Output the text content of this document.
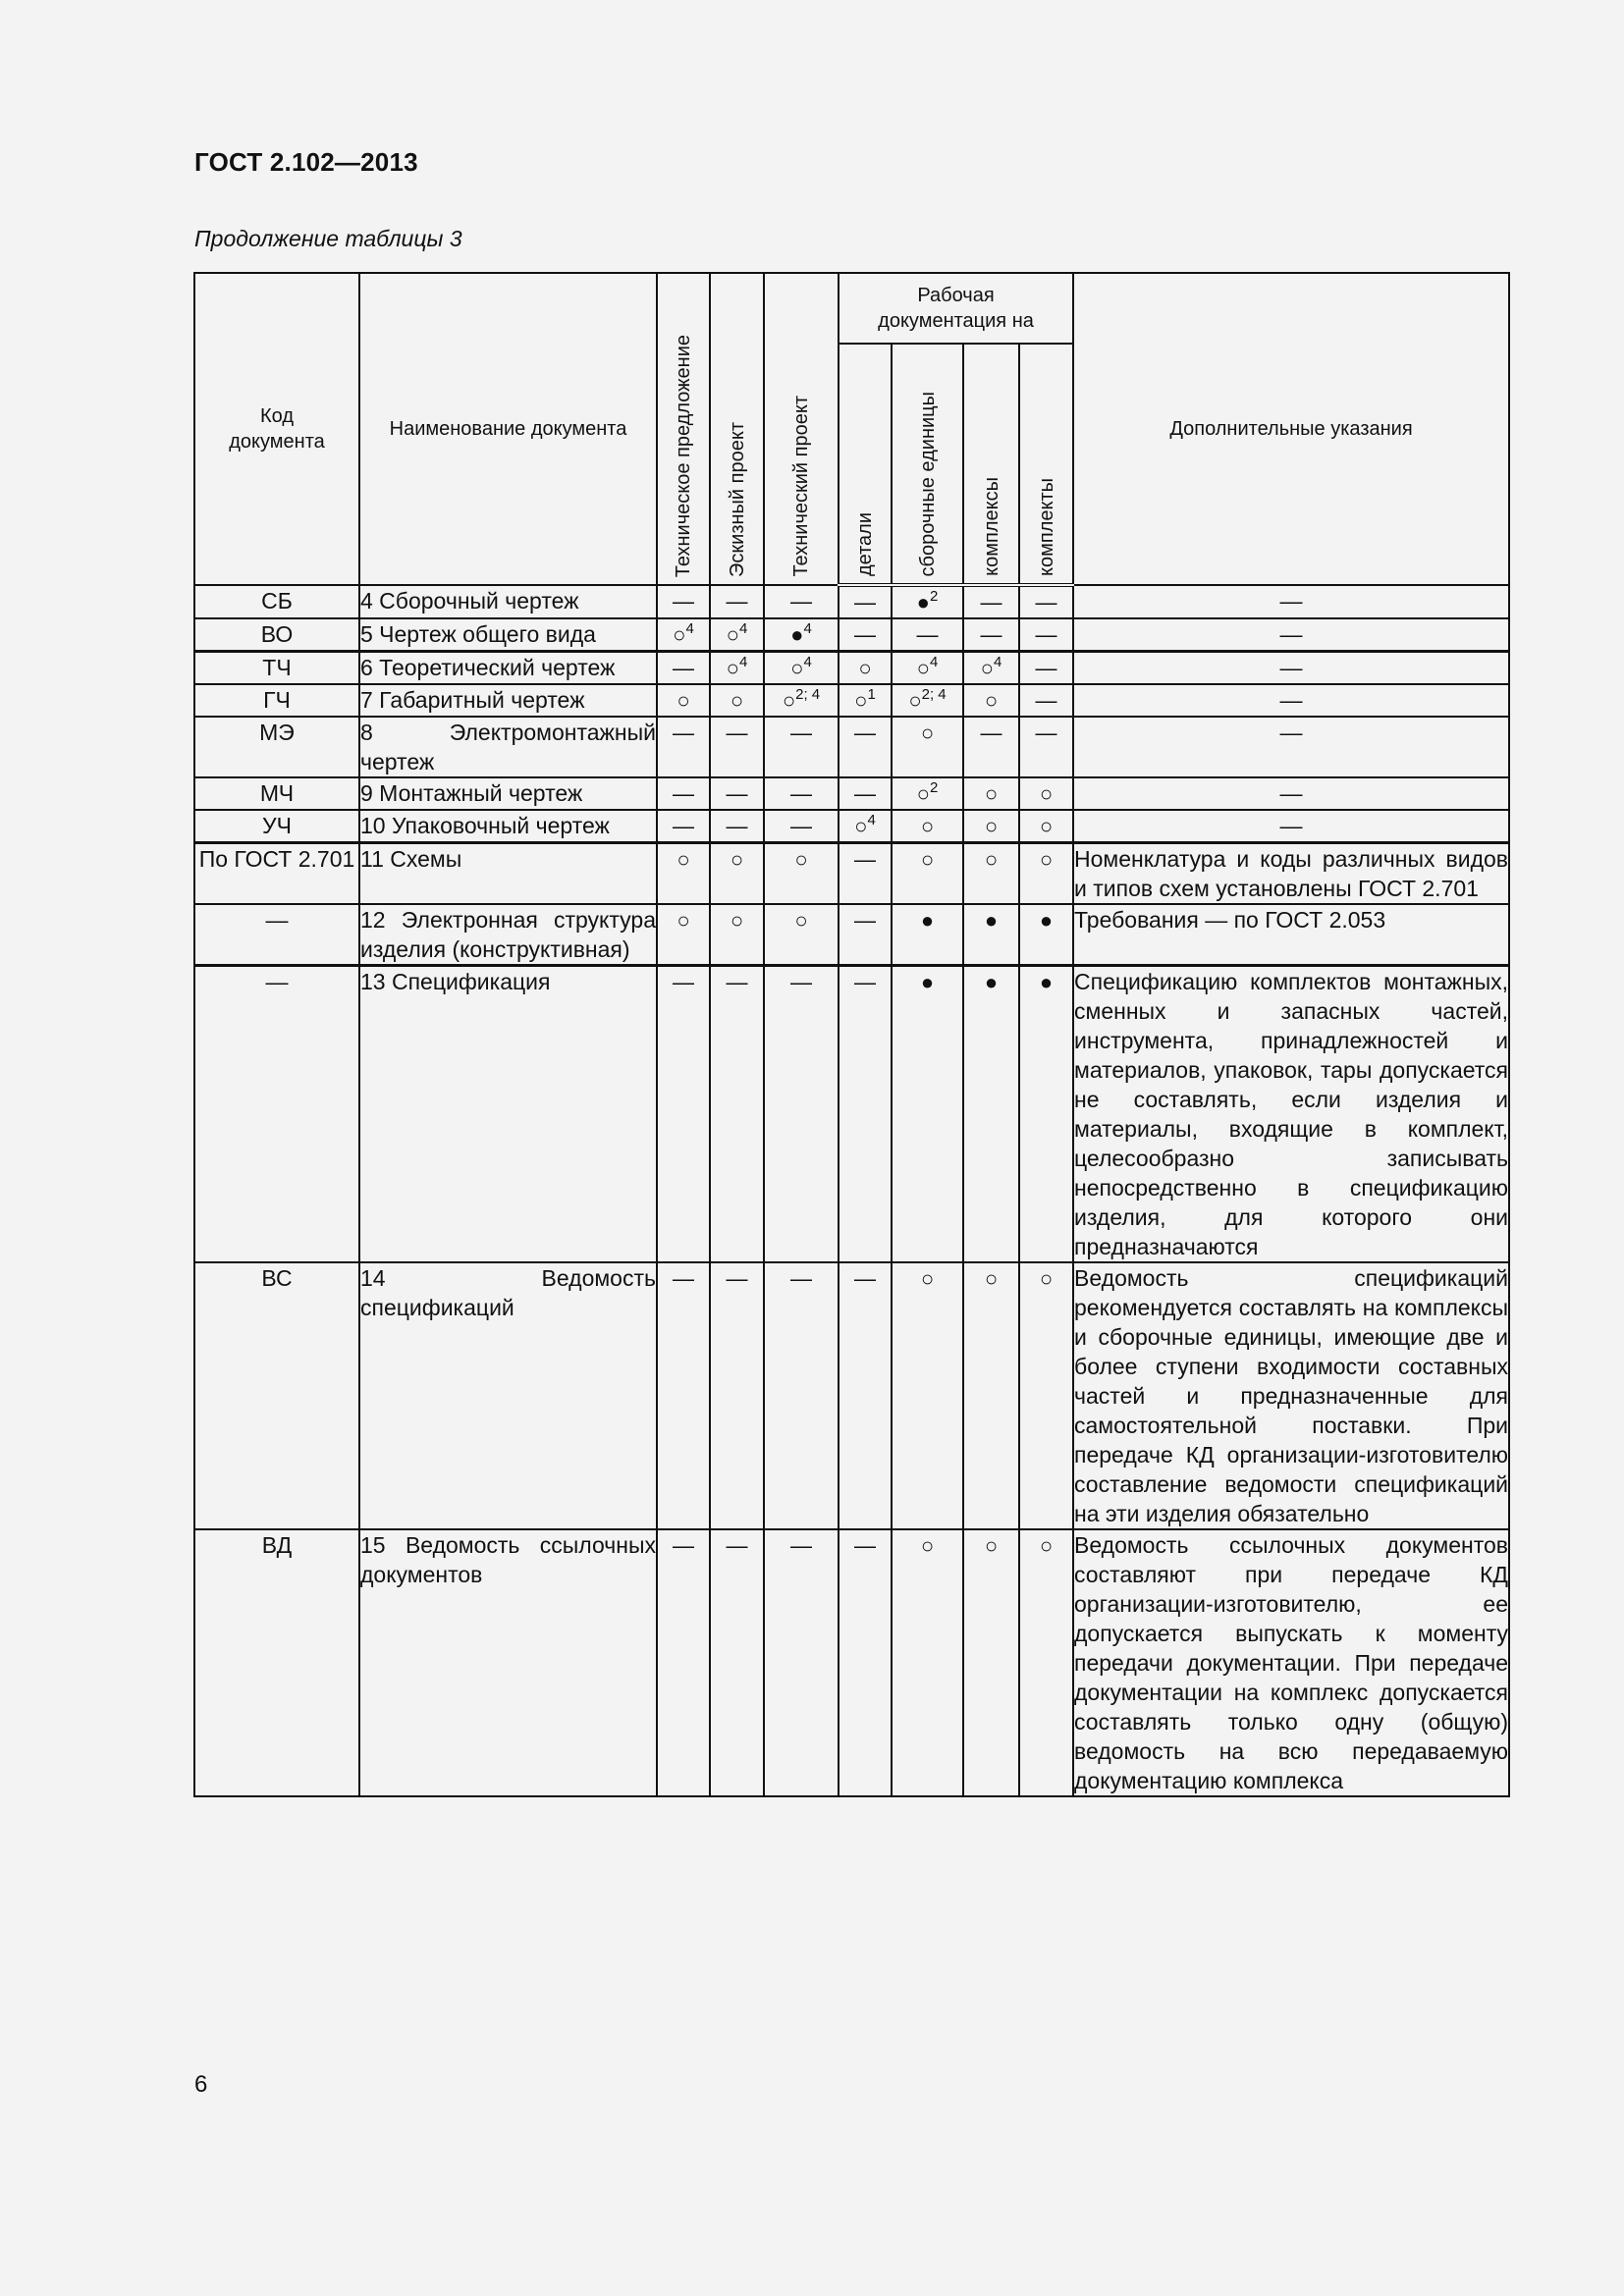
ГОСТ 2.102—2013
Продолжение таблицы 3
Код документа	Наименование документа	Техническое предложение	Эскизный проект	Технический проект	Рабочая документация на				Дополнительные указания
					детали	сборочные единицы	комплексы	комплекты	
СБ	4 Сборочный чертеж	—	—	—	—	●$^2$	—	—	—
ВО	5 Чертеж общего вида	○$^4$	○$^4$	●$^4$	—	—	—	—	—
ТЧ	6 Теоретический чертеж	—	○$^4$	○$^4$	○	○$^4$	○$^4$	—	—
ГЧ	7 Габаритный чертеж	○	○	○$^{2; 4}$	○$^1$	○$^{2; 4}$	○	—	—
МЭ	8 Электромонтажный чертеж	—	—	—	—	○	—	—	—
МЧ	9 Монтажный чертеж	—	—	—	—	○$^2$	○	○	—
УЧ	10 Упаковочный чертеж	—	—	—	○$^4$	○	○	○	—
По ГОСТ 2.701	11 Схемы	○	○	○	—	○	○	○	Номенклатура и коды различных видов и типов схем установлены ГОСТ 2.701
—	12 Электронная структура изделия (конструктивная)	○	○	○	—	●	●	●	Требования — по ГОСТ 2.053
—	13 Спецификация	—	—	—	—	●	●	●	Спецификацию комплектов монтажных, сменных и запасных частей, инструмента, принадлежностей и материалов, упаковок, тары допускается не составлять, если изделия и материалы, входящие в комплект, целесообразно записывать непосредственно в спецификацию изделия, для которого они предназначаются
ВС	14 Ведомость спецификаций	—	—	—	—	○	○	○	Ведомость спецификаций рекомендуется составлять на комплексы и сборочные единицы, имеющие две и более ступени входимости составных частей и предназначенные для самостоятельной поставки. При передаче КД организации-изготовителю составление ведомости спецификаций на эти изделия обязательно
ВД	15 Ведомость ссылочных документов	—	—	—	—	○	○	○	Ведомость ссылочных документов составляют при передаче КД организации-изготовителю, ее допускается выпускать к моменту передачи документации. При передаче документации на комплекс допускается составлять только одну (общую) ведомость на всю передаваемую документацию комплекса
6
